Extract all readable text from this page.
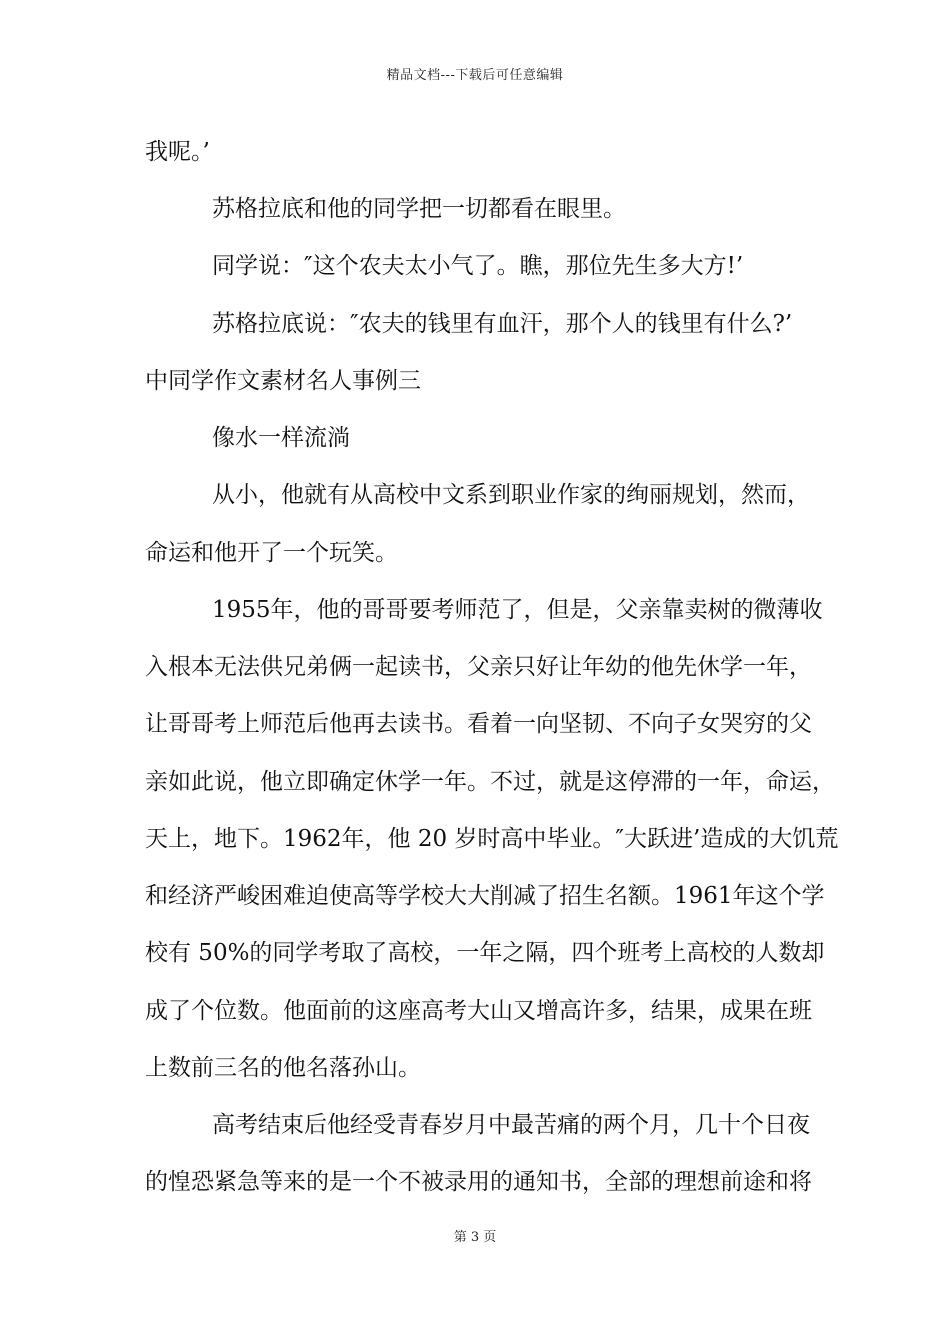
精品文档---下载后可任意编辑
我呢。’
苏格拉底和他的同学把一切都看在眼里。
同学说：″这个农夫太小气了。瞧，那位先生多大方!’
苏格拉底说：″农夫的钱里有血汗，那个人的钱里有什么?’
中同学作文素材名人事例三
像水一样流淌
从小，他就有从高校中文系到职业作家的绚丽规划，然而，
命运和他开了一个玩笑。
1955年，他的哥哥要考师范了，但是，父亲靠卖树的微薄收
入根本无法供兄弟俩一起读书，父亲只好让年幼的他先休学一年，
让哥哥考上师范后他再去读书。看着一向坚韧、不向子女哭穷的父
亲如此说，他立即确定休学一年。不过，就是这停滞的一年，命运，
天上，地下。1962年，他 20 岁时高中毕业。″大跃进’造成的大饥荒
和经济严峻困难迫使高等学校大大削减了招生名额。1961年这个学
校有 50%的同学考取了高校，一年之隔，四个班考上高校的人数却
成了个位数。他面前的这座高考大山又增高许多，结果，成果在班
上数前三名的他名落孙山。
高考结束后他经受青春岁月中最苦痛的两个月，几十个日夜
的惶恐紧急等来的是一个不被录用的通知书，全部的理想前途和将
第 3 页
